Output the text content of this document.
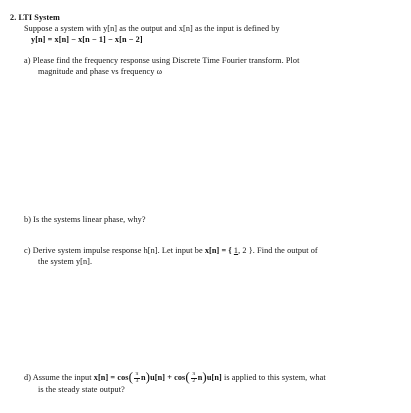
2. LTI System
Suppose a system with y[n] as the output and x[n] as the input is defined by
y[n] = x[n] − x[n − 1] − x[n − 2]
a) Please find the frequency response using Discrete Time Fourier transform. Plot
magnitude and phase vs frequency ω
b) Is the systems linear phase, why?
c) Derive system impulse response h[n]. Let input be x[n] = { 1, 2 }. Find the output of
the system y[n].
d) Assume the input $x[n] = \cos( \frac{\pi}{3} n)u[n] + \cos( \frac{\pi}{2} n)u[n]$ is applied to this system, what
is the steady state output?
